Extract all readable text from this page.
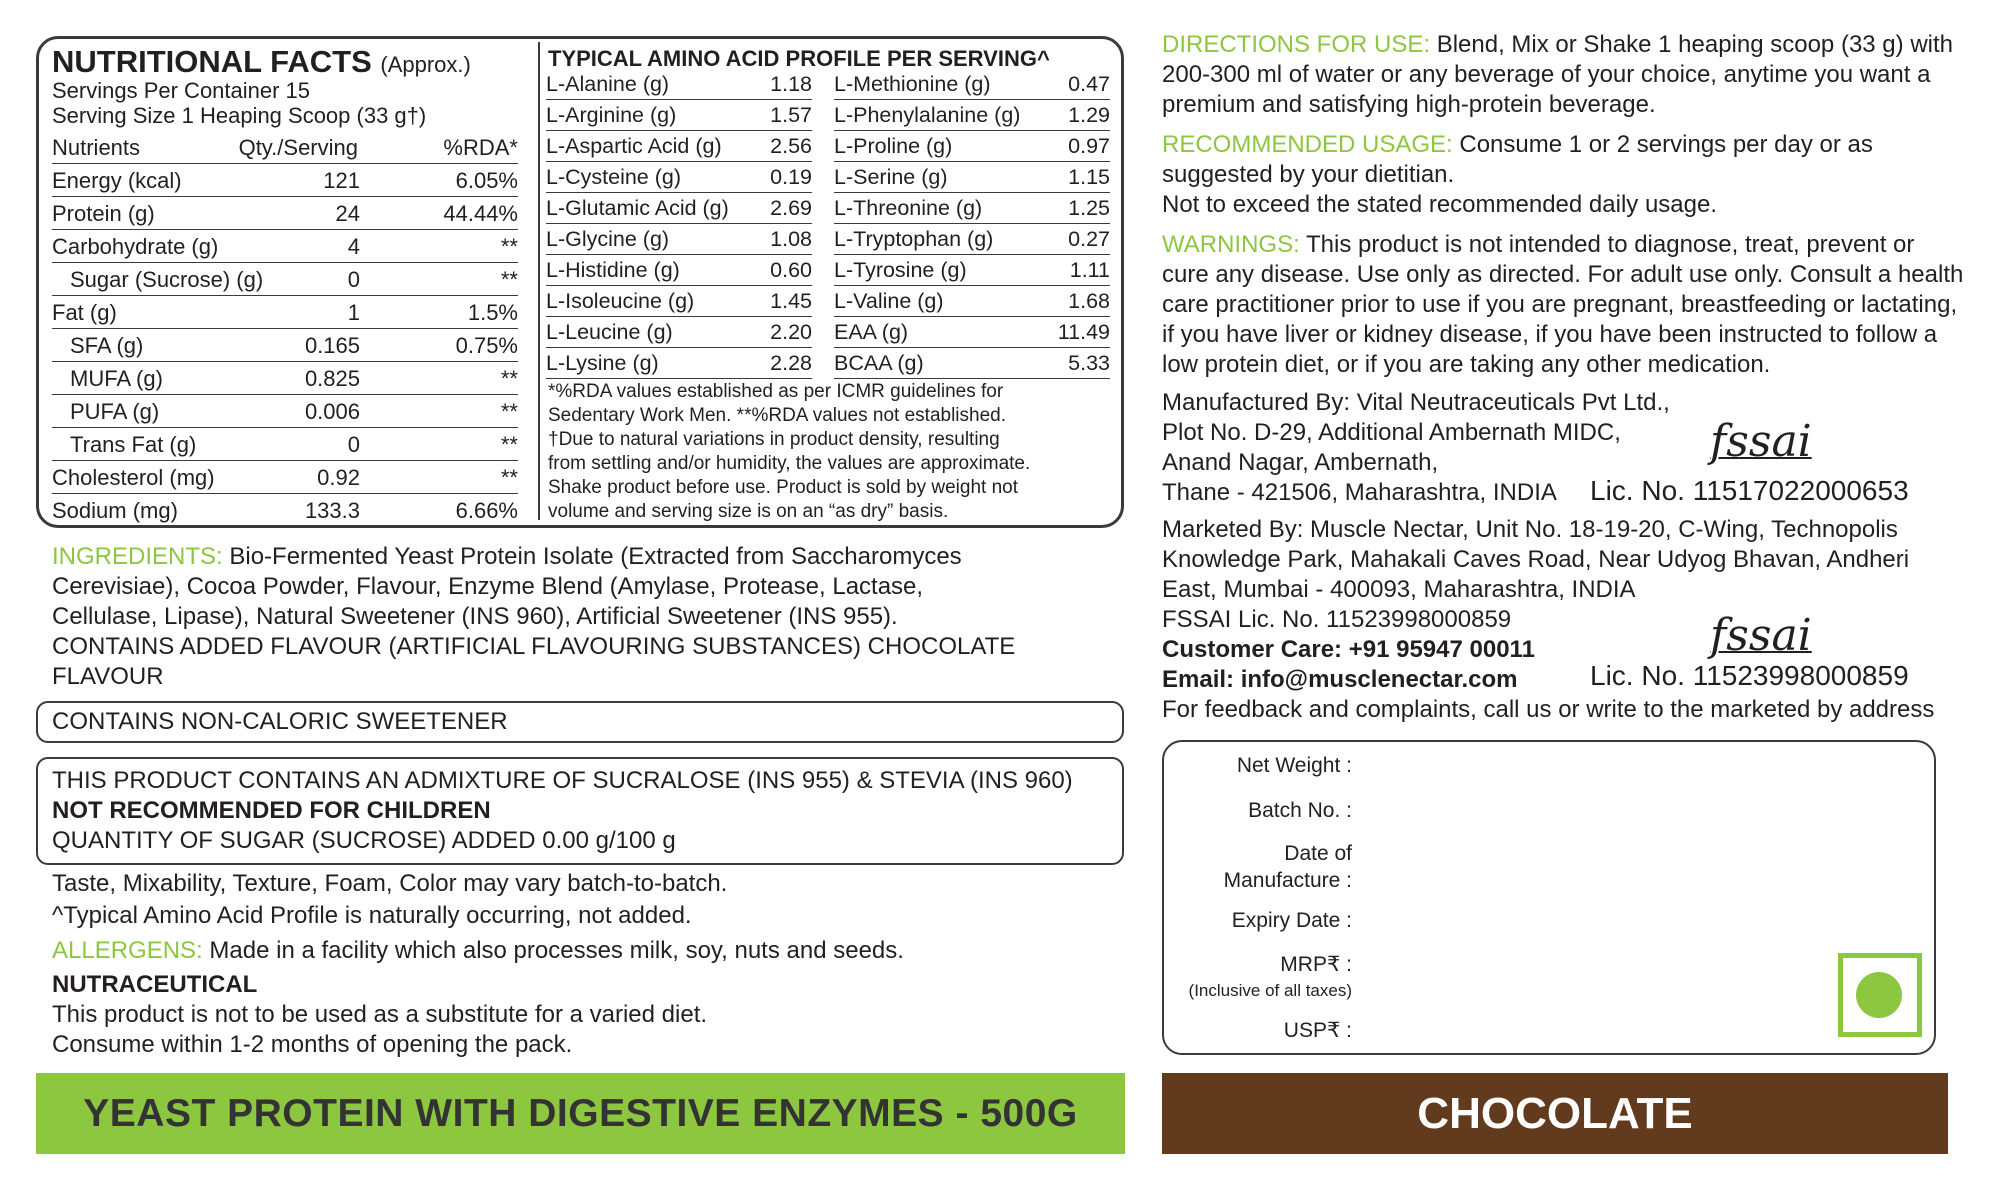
NUTRITIONAL FACTS (Approx.)
Servings Per Container 15
Serving Size 1 Heaping Scoop (33 g†)
Nutrients	Qty./Serving	%RDA*
Energy (kcal)	121	6.05%
Protein (g)	24	44.44%
Carbohydrate (g)	4	**
Sugar (Sucrose) (g)	0	**
Fat (g)	1	1.5%
SFA (g)	0.165	0.75%
MUFA (g)	0.825	**
PUFA (g)	0.006	**
Trans Fat (g)	0	**
Cholesterol (mg)	0.92	**
Sodium (mg)	133.3	6.66%
TYPICAL AMINO ACID PROFILE PER SERVING^
L-Alanine (g)	1.18
L-Arginine (g)	1.57
L-Aspartic Acid (g) 2.56
L-Cysteine (g)	0.19
L-Glutamic Acid (g) 2.69
L-Glycine (g)	1.08
L-Histidine (g)	0.60
L-Isoleucine (g)	1.45
L-Leucine (g)	2.20
L-Lysine (g)	2.28
L-Methionine (g)	0.47
L-Phenylalanine (g) 1.29
L-Proline (g)	0.97
L-Serine (g)	1.15
L-Threonine (g)	1.25
L-Tryptophan (g)	0.27
L-Tyrosine (g)	1.11
L-Valine (g)	1.68
EAA (g)	11.49
BCAA (g)	5.33
*%RDA values established as per ICMR guidelines for
Sedentary Work Men. **%RDA values not established.
†Due to natural variations in product density, resulting
from settling and/or humidity, the values are approximate.
Shake product before use. Product is sold by weight not
volume and serving size is on an “as dry” basis.
INGREDIENTS: Bio-Fermented Yeast Protein Isolate (Extracted from Saccharomyces
Cerevisiae), Cocoa Powder, Flavour, Enzyme Blend (Amylase, Protease, Lactase,
Cellulase, Lipase), Natural Sweetener (INS 960), Artificial Sweetener (INS 955).
CONTAINS ADDED FLAVOUR (ARTIFICIAL FLAVOURING SUBSTANCES) CHOCOLATE
FLAVOUR
CONTAINS NON-CALORIC SWEETENER
THIS PRODUCT CONTAINS AN ADMIXTURE OF SUCRALOSE (INS 955) & STEVIA (INS 960)
NOT RECOMMENDED FOR CHILDREN
QUANTITY OF SUGAR (SUCROSE) ADDED 0.00 g/100 g
Taste, Mixability, Texture, Foam, Color may vary batch-to-batch.
^Typical Amino Acid Profile is naturally occurring, not added.
ALLERGENS: Made in a facility which also processes milk, soy, nuts and seeds.
NUTRACEUTICAL
This product is not to be used as a substitute for a varied diet.
Consume within 1-2 months of opening the pack.
YEAST PROTEIN WITH DIGESTIVE ENZYMES - 500G
DIRECTIONS FOR USE: Blend, Mix or Shake 1 heaping scoop (33 g) with
200-300 ml of water or any beverage of your choice, anytime you want a
premium and satisfying high-protein beverage.
RECOMMENDED USAGE: Consume 1 or 2 servings per day or as
suggested by your dietitian.
Not to exceed the stated recommended daily usage.
WARNINGS: This product is not intended to diagnose, treat, prevent or
cure any disease. Use only as directed. For adult use only. Consult a health
care practitioner prior to use if you are pregnant, breastfeeding or lactating,
if you have liver or kidney disease, if you have been instructed to follow a
low protein diet, or if you are taking any other medication.
Manufactured By: Vital Neutraceuticals Pvt Ltd.,
Plot No. D-29, Additional Ambernath MIDC,
Anand Nagar, Ambernath,
Thane - 421506, Maharashtra, INDIA
fssai
Lic. No. 11517022000653
Marketed By: Muscle Nectar, Unit No. 18-19-20, C-Wing, Technopolis
Knowledge Park, Mahakali Caves Road, Near Udyog Bhavan, Andheri
East, Mumbai - 400093, Maharashtra, INDIA
FSSAI Lic. No. 11523998000859
Customer Care: +91 95947 00011
Email: info@musclenectar.com
For feedback and complaints, call us or write to the marketed by address
fssai
Lic. No. 11523998000859
Net Weight :
Batch No. :
Date of
Manufacture :
Expiry Date :
MRP₹ :
(Inclusive of all taxes)
USP₹ :
CHOCOLATE
